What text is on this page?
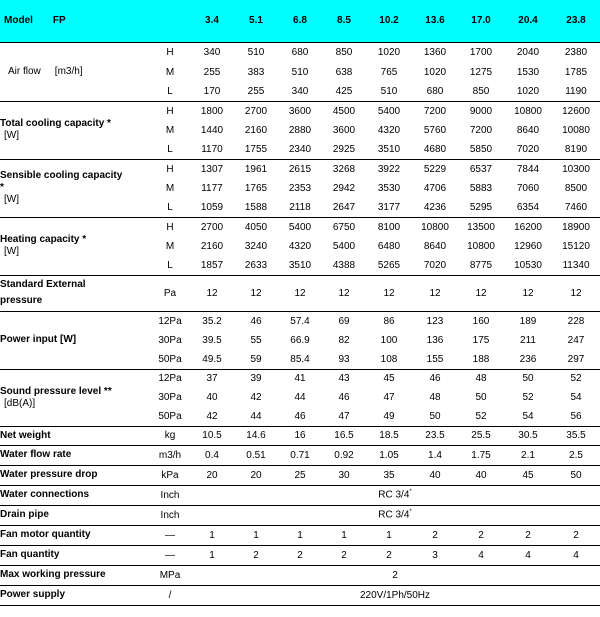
Model FP		3.4	5.1	6.8	8.5	10.2	13.6	17.0	20.4	23.8
Air flow [m3/h]	H	340	510	680	850	1020	1360	1700	2040	2380
	M	255	383	510	638	765	1020	1275	1530	1785
	L	170	255	340	425	510	680	850	1020	1190

Total cooling capacity *
[W]	H	1800	2700	3600	4500	5400	7200	9000	10800	12600
	M	1440	2160	2880	3600	4320	5760	7200	8640	10080
	L	1170	1755	2340	2925	3510	4680	5850	7020	8190

Sensible cooling capacity
*
[W]	H	1307	1961	2615	3268	3922	5229	6537	7844	10300
	M	1177	1765	2353	2942	3530	4706	5883	7060	8500
	L	1059	1588	2118	2647	3177	4236	5295	6354	7460

Heating capacity *
[W]	H	2700	4050	5400	6750	8100	10800	13500	16200	18900
	M	2160	3240	4320	5400	6480	8640	10800	12960	15120
	L	1857	2633	3510	4388	5265	7020	8775	10530	11340

Standard External
pressure	Pa	12	12	12	12	12	12	12	12	12
Power input [W]	12Pa	35.2	46	57.4	69	86	123	160	189	228
	30Pa	39.5	55	66.9	82	100	136	175	211	247
	50Pa	49.5	59	85.4	93	108	155	188	236	297

Sound pressure level **
[dB(A)]	12Pa	37	39	41	43	45	46	48	50	52
	30Pa	40	42	44	46	47	48	50	52	54
	50Pa	42	44	46	47	49	50	52	54	56
Net weight	kg	10.5	14.6	16	16.5	18.5	23.5	25.5	30.5	35.5
Water flow rate	m3/h	0.4	0.51	0.71	0.92	1.05	1.4	1.75	2.1	2.5
Water pressure drop	kPa	20	20	25	30	35	40	40	45	50
Water connections	Inch	RC 3/4*
Drain pipe	Inch	RC 3/4*
Fan motor quantity	—	1	1	1	1	1	2	2	2	2
Fan quantity	—	1	2	2	2	2	3	4	4	4
Max working pressure	MPa	2								
Power supply	/	220V/1Ph/50Hz								
